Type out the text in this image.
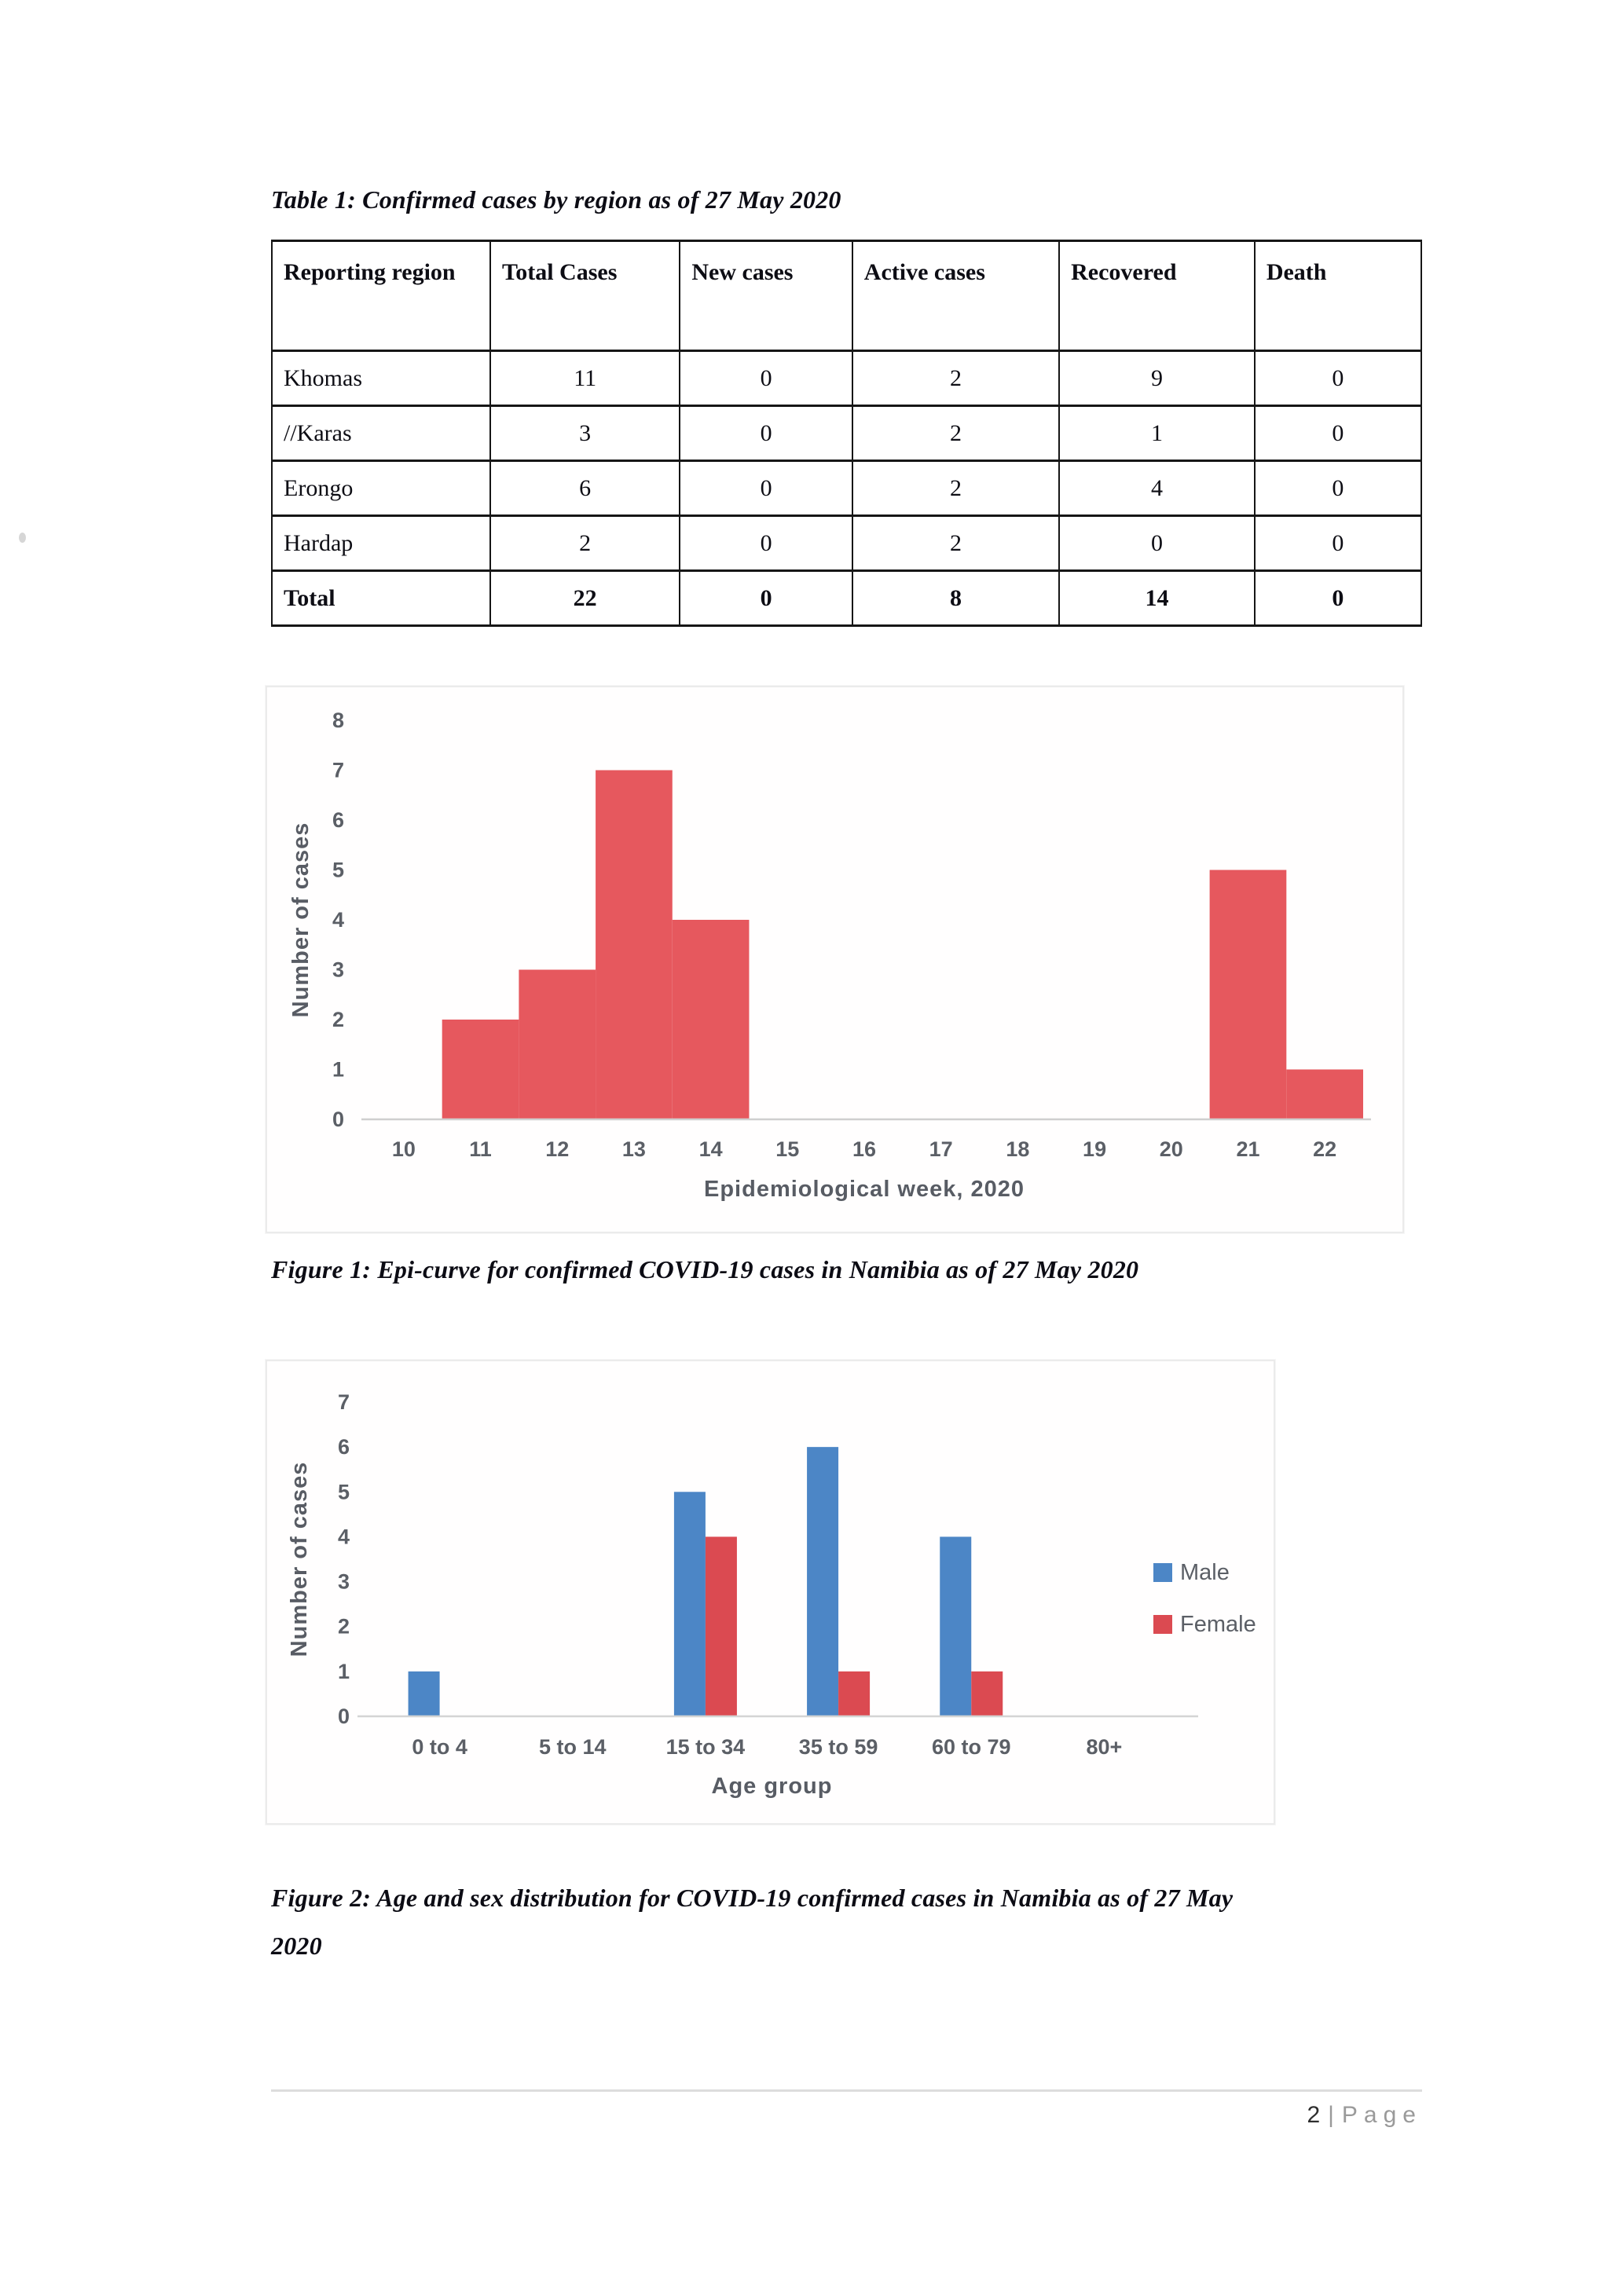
Table 1: Confirmed cases by region as of 27 May 2020
Reporting region	Total Cases	New cases	Active cases	Recovered	Death
Khomas	11	0	2	9	0
//Karas	3	0	2	1	0
Erongo	6	0	2	4	0
Hardap	2	0	2	0	0
Total	22	0	8	14	0
0
1
2
3
4
5
6
7
8
10	11	12	13	14	15	16	17	18	19	20	21	22
Epidemiological week, 2020
Number of cases
Figure 1: Epi-curve for confirmed COVID-19 cases in Namibia as of 27 May 2020
0
1
2
3
4
5
6
7
0 to 4	5 to 14	15 to 34	35 to 59	60 to 79	80+
Age group
Number of cases	Male
Female
Figure 2: Age and sex distribution for COVID-19 confirmed cases in Namibia as of 27 May
2020
2 | Page
